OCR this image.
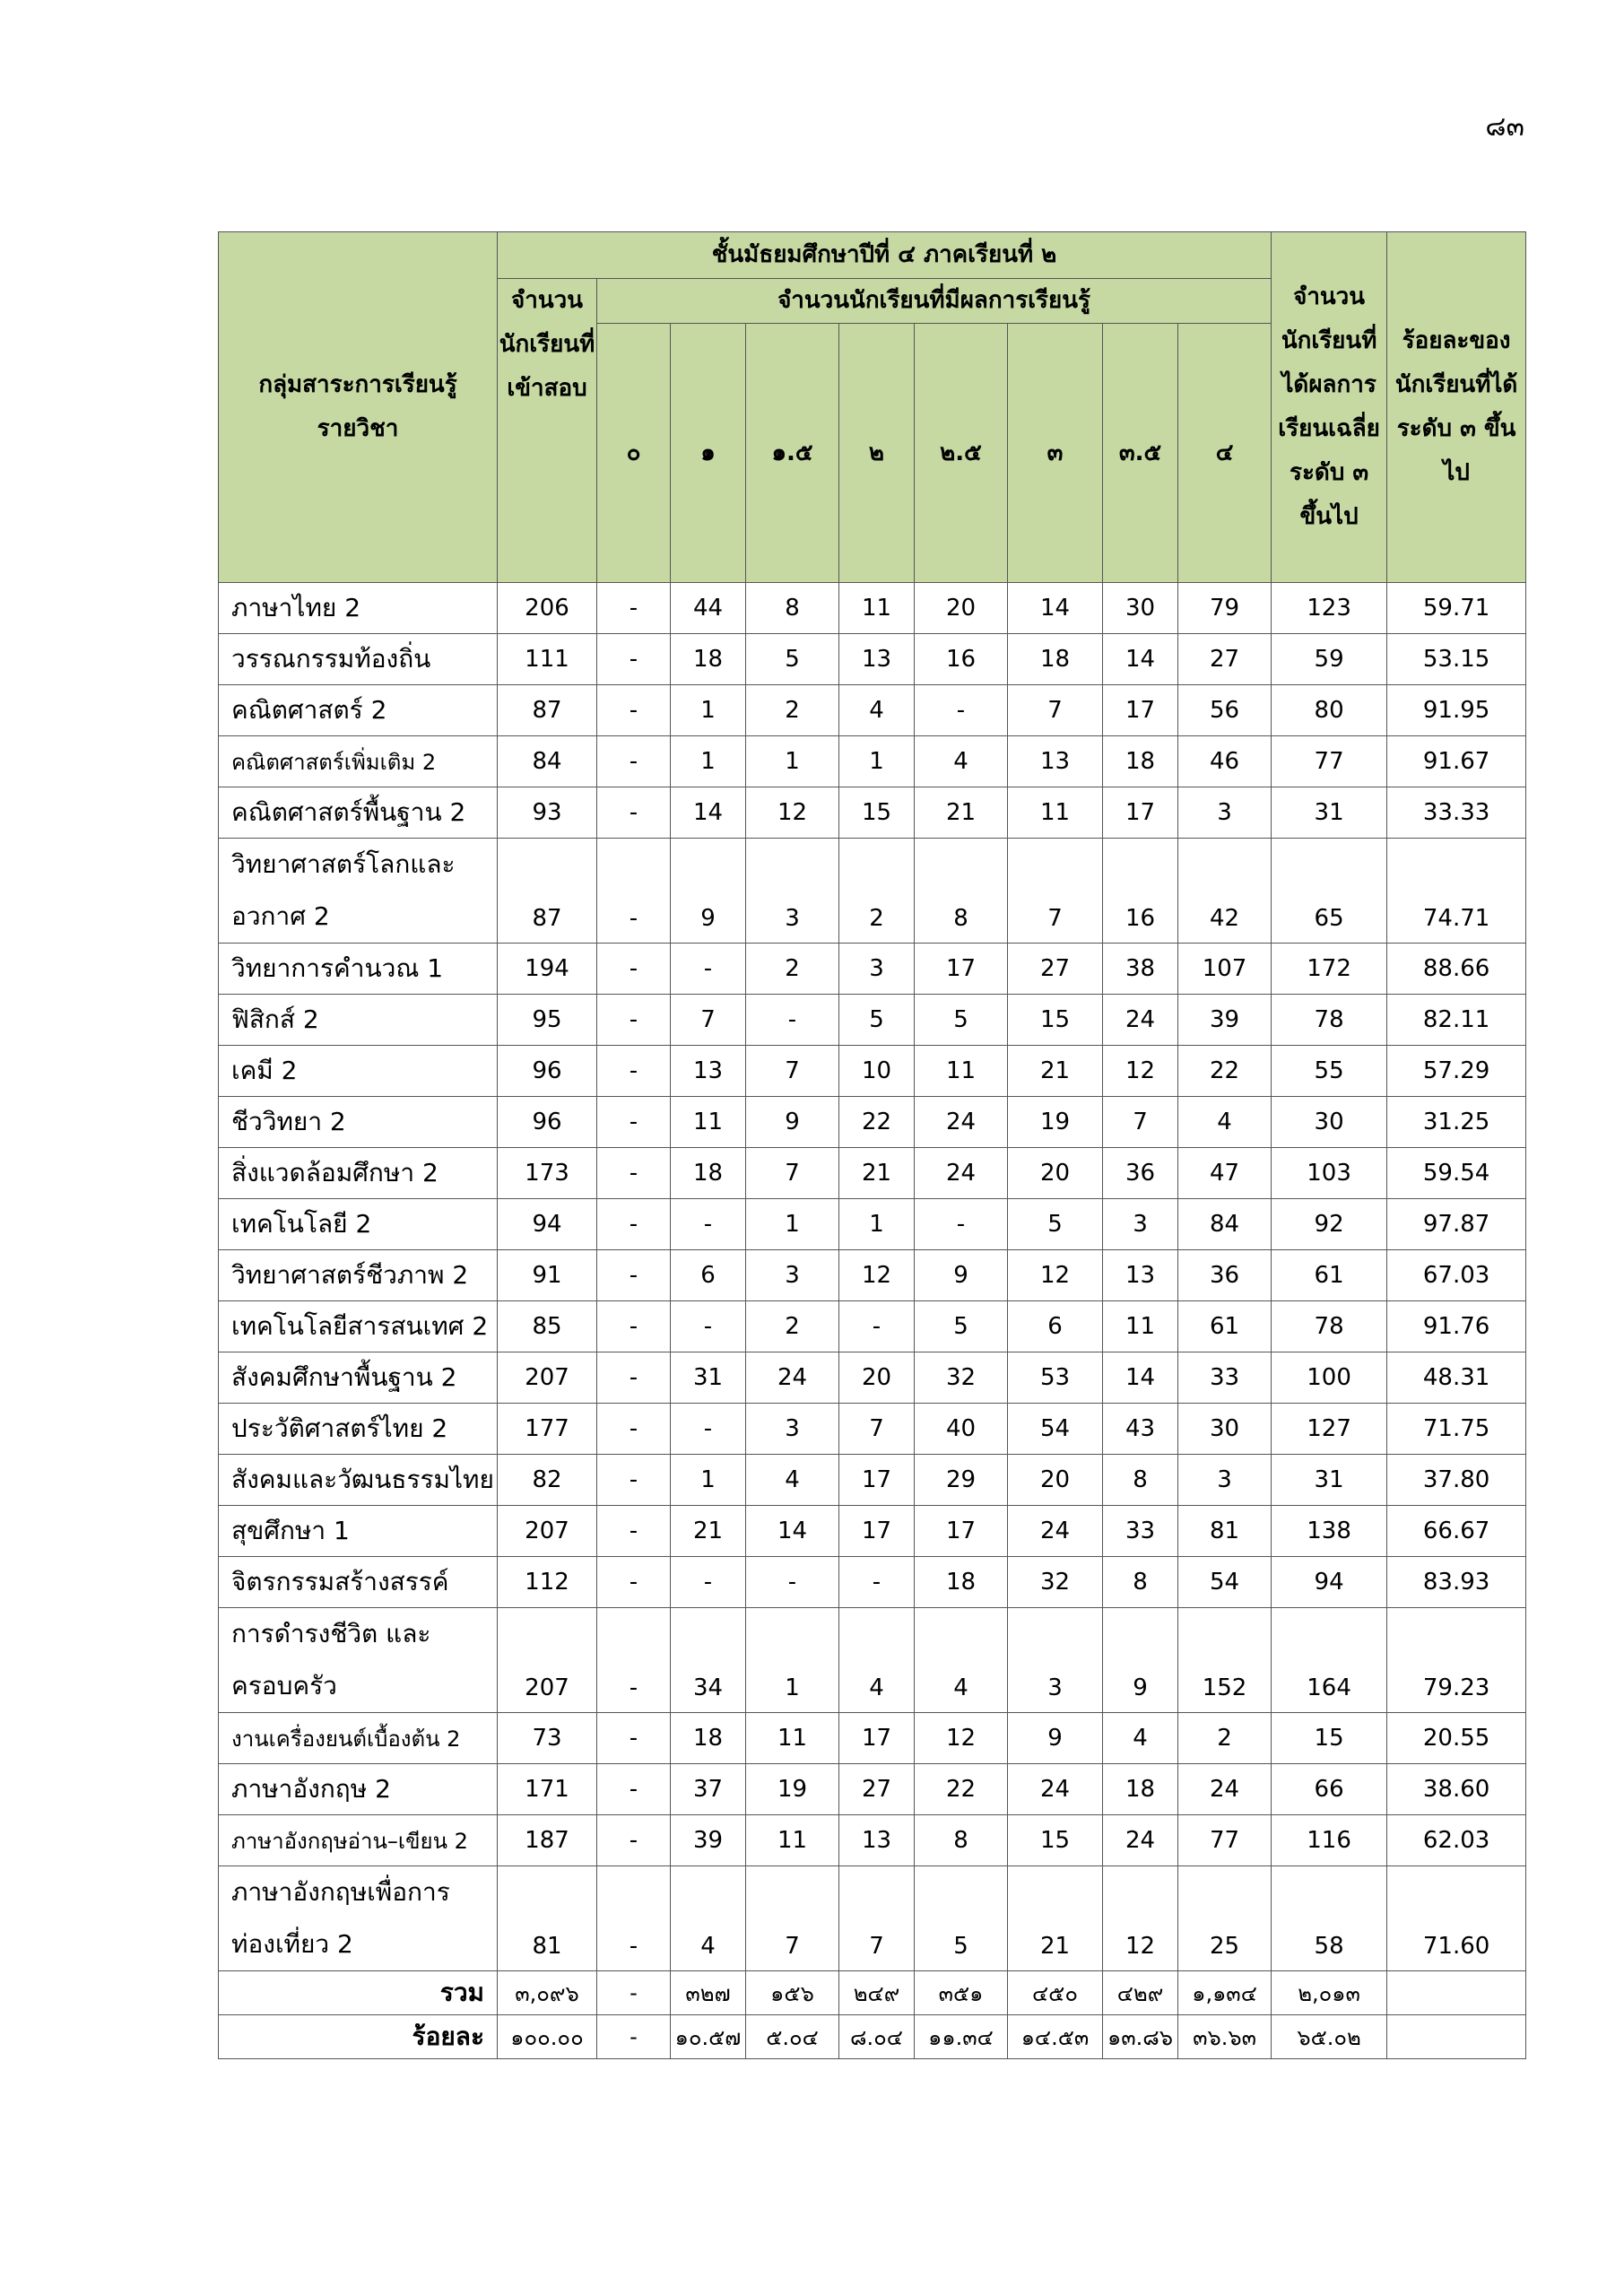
๘๓
กลุ่มสาระการเรียนรู้ รายวิชา	ชั้นมัธยมศึกษาปีที่ ๔ ภาคเรียนที่ ๒									จำนวนนักเรียนที่ได้ผลการเรียนเฉลี่ยระดับ ๓ ขึ้นไป	ร้อยละของนักเรียนที่ได้ระดับ ๓ ขึ้นไป
	จำนวนนักเรียนที่เข้าสอบ	จำนวนนักเรียนที่มีผลการเรียนรู้									
		๐	๑	๑.๕	๒	๒.๕	๓	๓.๕	๔		
ภาษาไทย 2	206	-	44	8	11	20	14	30	79	123	59.71
วรรณกรรมท้องถิ่น	111	-	18	5	13	16	18	14	27	59	53.15
คณิตศาสตร์ 2	87	-	1	2	4	-	7	17	56	80	91.95
คณิตศาสตร์เพิ่มเติม 2	84	-	1	1	1	4	13	18	46	77	91.67
คณิตศาสตร์พื้นฐาน 2	93	-	14	12	15	21	11	17	3	31	33.33

วิทยาศาสตร์โลกและ
อวกาศ 2	87	-	9	3	2	8	7	16	42	65	74.71
วิทยาการคำนวณ 1	194	-	-	2	3	17	27	38	107	172	88.66
ฟิสิกส์ 2	95	-	7	-	5	5	15	24	39	78	82.11
เคมี 2	96	-	13	7	10	11	21	12	22	55	57.29
ชีววิทยา 2	96	-	11	9	22	24	19	7	4	30	31.25
สิ่งแวดล้อมศึกษา 2	173	-	18	7	21	24	20	36	47	103	59.54
เทคโนโลยี 2	94	-	-	1	1	-	5	3	84	92	97.87
วิทยาศาสตร์ชีวภาพ 2	91	-	6	3	12	9	12	13	36	61	67.03
เทคโนโลยีสารสนเทศ 2	85	-	-	2	-	5	6	11	61	78	91.76
สังคมศึกษาพื้นฐาน 2	207	-	31	24	20	32	53	14	33	100	48.31
ประวัติศาสตร์ไทย 2	177	-	-	3	7	40	54	43	30	127	71.75
สังคมและวัฒนธรรมไทย	82	-	1	4	17	29	20	8	3	31	37.80
สุขศึกษา 1	207	-	21	14	17	17	24	33	81	138	66.67
จิตรกรรมสร้างสรรค์	112	-	-	-	-	18	32	8	54	94	83.93

การดำรงชีวิต และ
ครอบครัว	207	-	34	1	4	4	3	9	152	164	79.23
งานเครื่องยนต์เบื้องต้น 2	73	-	18	11	17	12	9	4	2	15	20.55
ภาษาอังกฤษ 2	171	-	37	19	27	22	24	18	24	66	38.60
ภาษาอังกฤษอ่าน–เขียน 2	187	-	39	11	13	8	15	24	77	116	62.03

ภาษาอังกฤษเพื่อการ
ท่องเที่ยว 2	81	-	4	7	7	5	21	12	25	58	71.60
รวม	๓,๐๙๖	-	๓๒๗	๑๕๖	๒๔๙	๓๕๑	๔๕๐	๔๒๙	๑,๑๓๔	๒,๐๑๓	
ร้อยละ	๑๐๐.๐๐	-	๑๐.๕๗	๕.๐๔	๘.๐๔	๑๑.๓๔	๑๔.๕๓	๑๓.๘๖	๓๖.๖๓	๖๕.๐๒	
